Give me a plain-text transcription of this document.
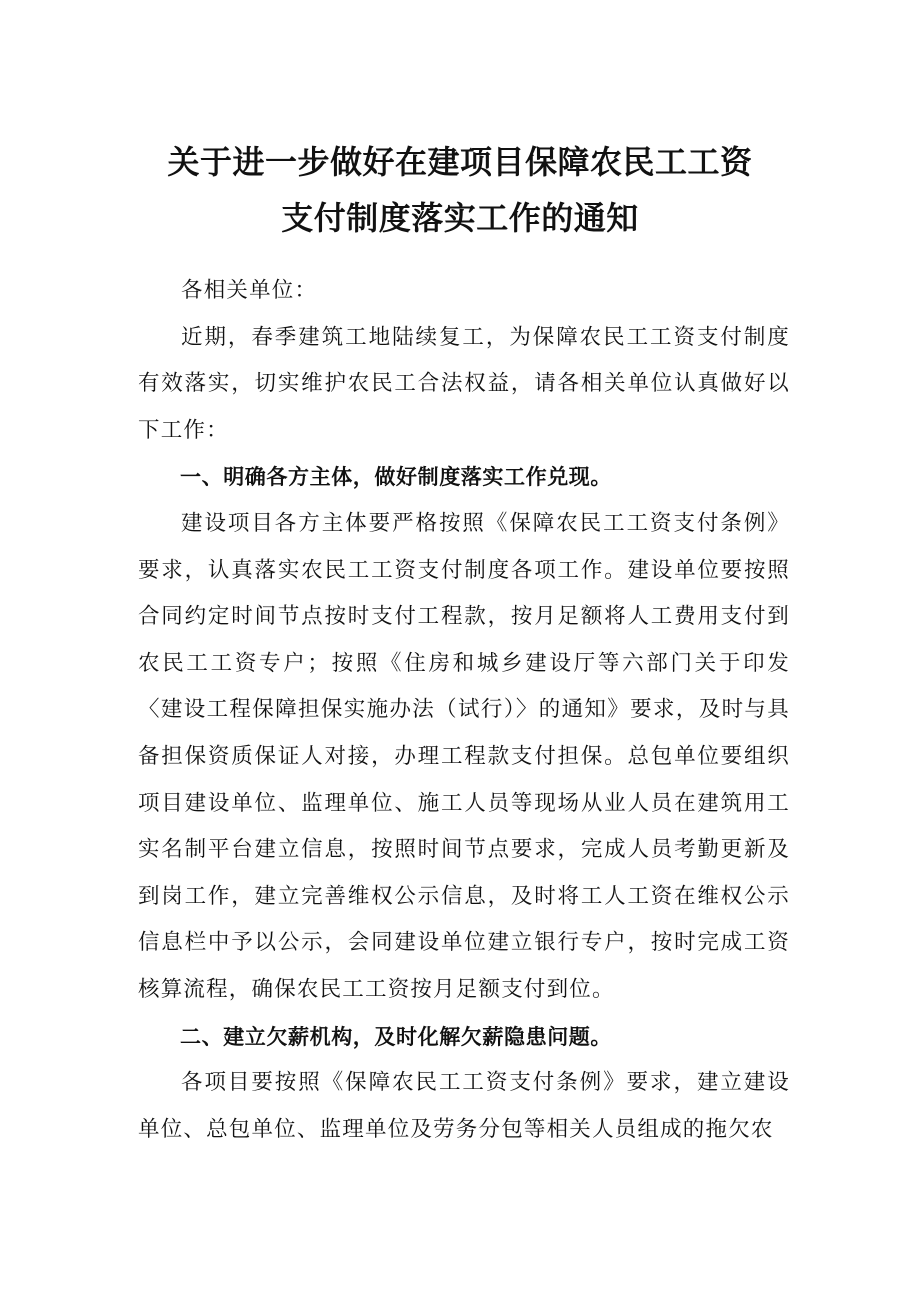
关于进一步做好在建项目保障农民工工资
支付制度落实工作的通知

各相关单位：

近期，春季建筑工地陆续复工，为保障农民工工资支付制度有效落实，切实维护农民工合法权益，请各相关单位认真做好以下工作：

一、明确各方主体，做好制度落实工作兑现。

建设项目各方主体要严格按照《保障农民工工资支付条例》要求，认真落实农民工工资支付制度各项工作。建设单位要按照合同约定时间节点按时支付工程款，按月足额将人工费用支付到农民工工资专户；按照《住房和城乡建设厅等六部门关于印发〈建设工程保障担保实施办法（试行）〉的通知》要求，及时与具备担保资质保证人对接，办理工程款支付担保。总包单位要组织项目建设单位、监理单位、施工人员等现场从业人员在建筑用工实名制平台建立信息，按照时间节点要求，完成人员考勤更新及到岗工作，建立完善维权公示信息，及时将工人工资在维权公示信息栏中予以公示，会同建设单位建立银行专户，按时完成工资核算流程，确保农民工工资按月足额支付到位。

二、建立欠薪机构，及时化解欠薪隐患问题。

各项目要按照《保障农民工工资支付条例》要求，建立建设单位、总包单位、监理单位及劳务分包等相关人员组成的拖欠农
